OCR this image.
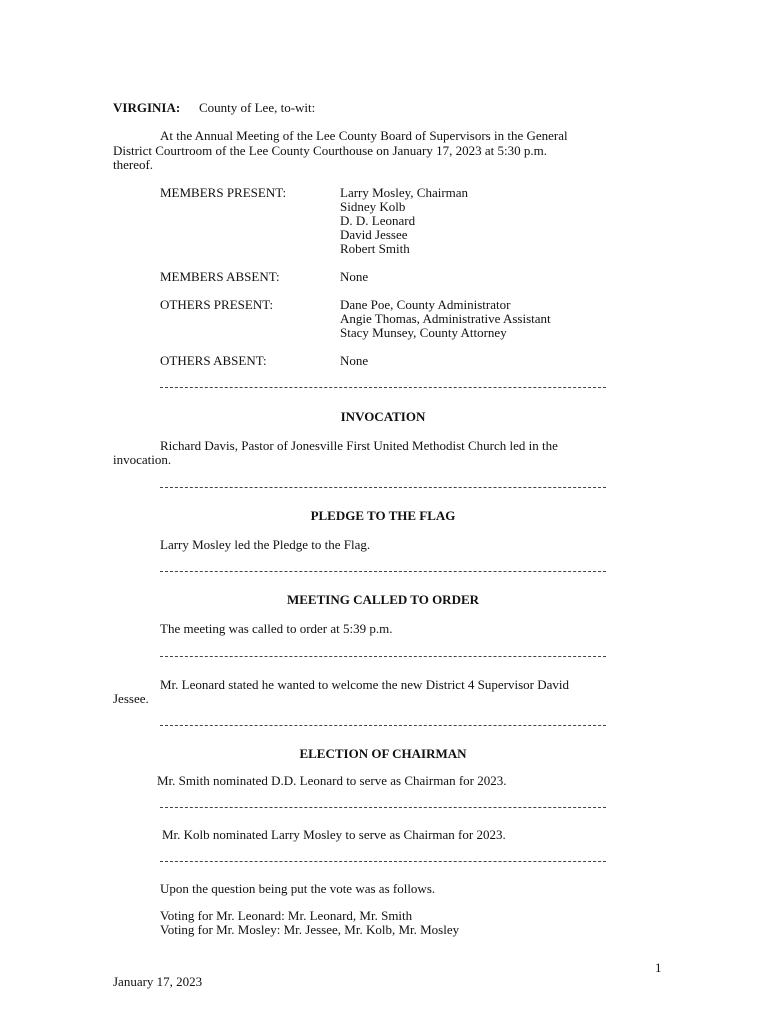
VIRGINIA: County of Lee, to-wit:
At the Annual Meeting of the Lee County Board of Supervisors in the General
District Courtroom of the Lee County Courthouse on January 17, 2023 at 5:30 p.m.
thereof.
MEMBERS PRESENT:	Larry Mosley, Chairman
Sidney Kolb
D. D. Leonard
David Jessee
Robert Smith
MEMBERS ABSENT:	None
OTHERS PRESENT:	Dane Poe, County Administrator
Angie Thomas, Administrative Assistant
Stacy Munsey, County Attorney
OTHERS ABSENT:	None
INVOCATION
Richard Davis, Pastor of Jonesville First United Methodist Church led in the
invocation.
PLEDGE TO THE FLAG
Larry Mosley led the Pledge to the Flag.
MEETING CALLED TO ORDER
The meeting was called to order at 5:39 p.m.
Mr. Leonard stated he wanted to welcome the new District 4 Supervisor David
Jessee.
ELECTION OF CHAIRMAN
Mr. Smith nominated D.D. Leonard to serve as Chairman for 2023.
Mr. Kolb nominated Larry Mosley to serve as Chairman for 2023.
Upon the question being put the vote was as follows.
Voting for Mr. Leonard: Mr. Leonard, Mr. Smith
Voting for Mr. Mosley: Mr. Jessee, Mr. Kolb, Mr. Mosley
1
January 17, 2023
